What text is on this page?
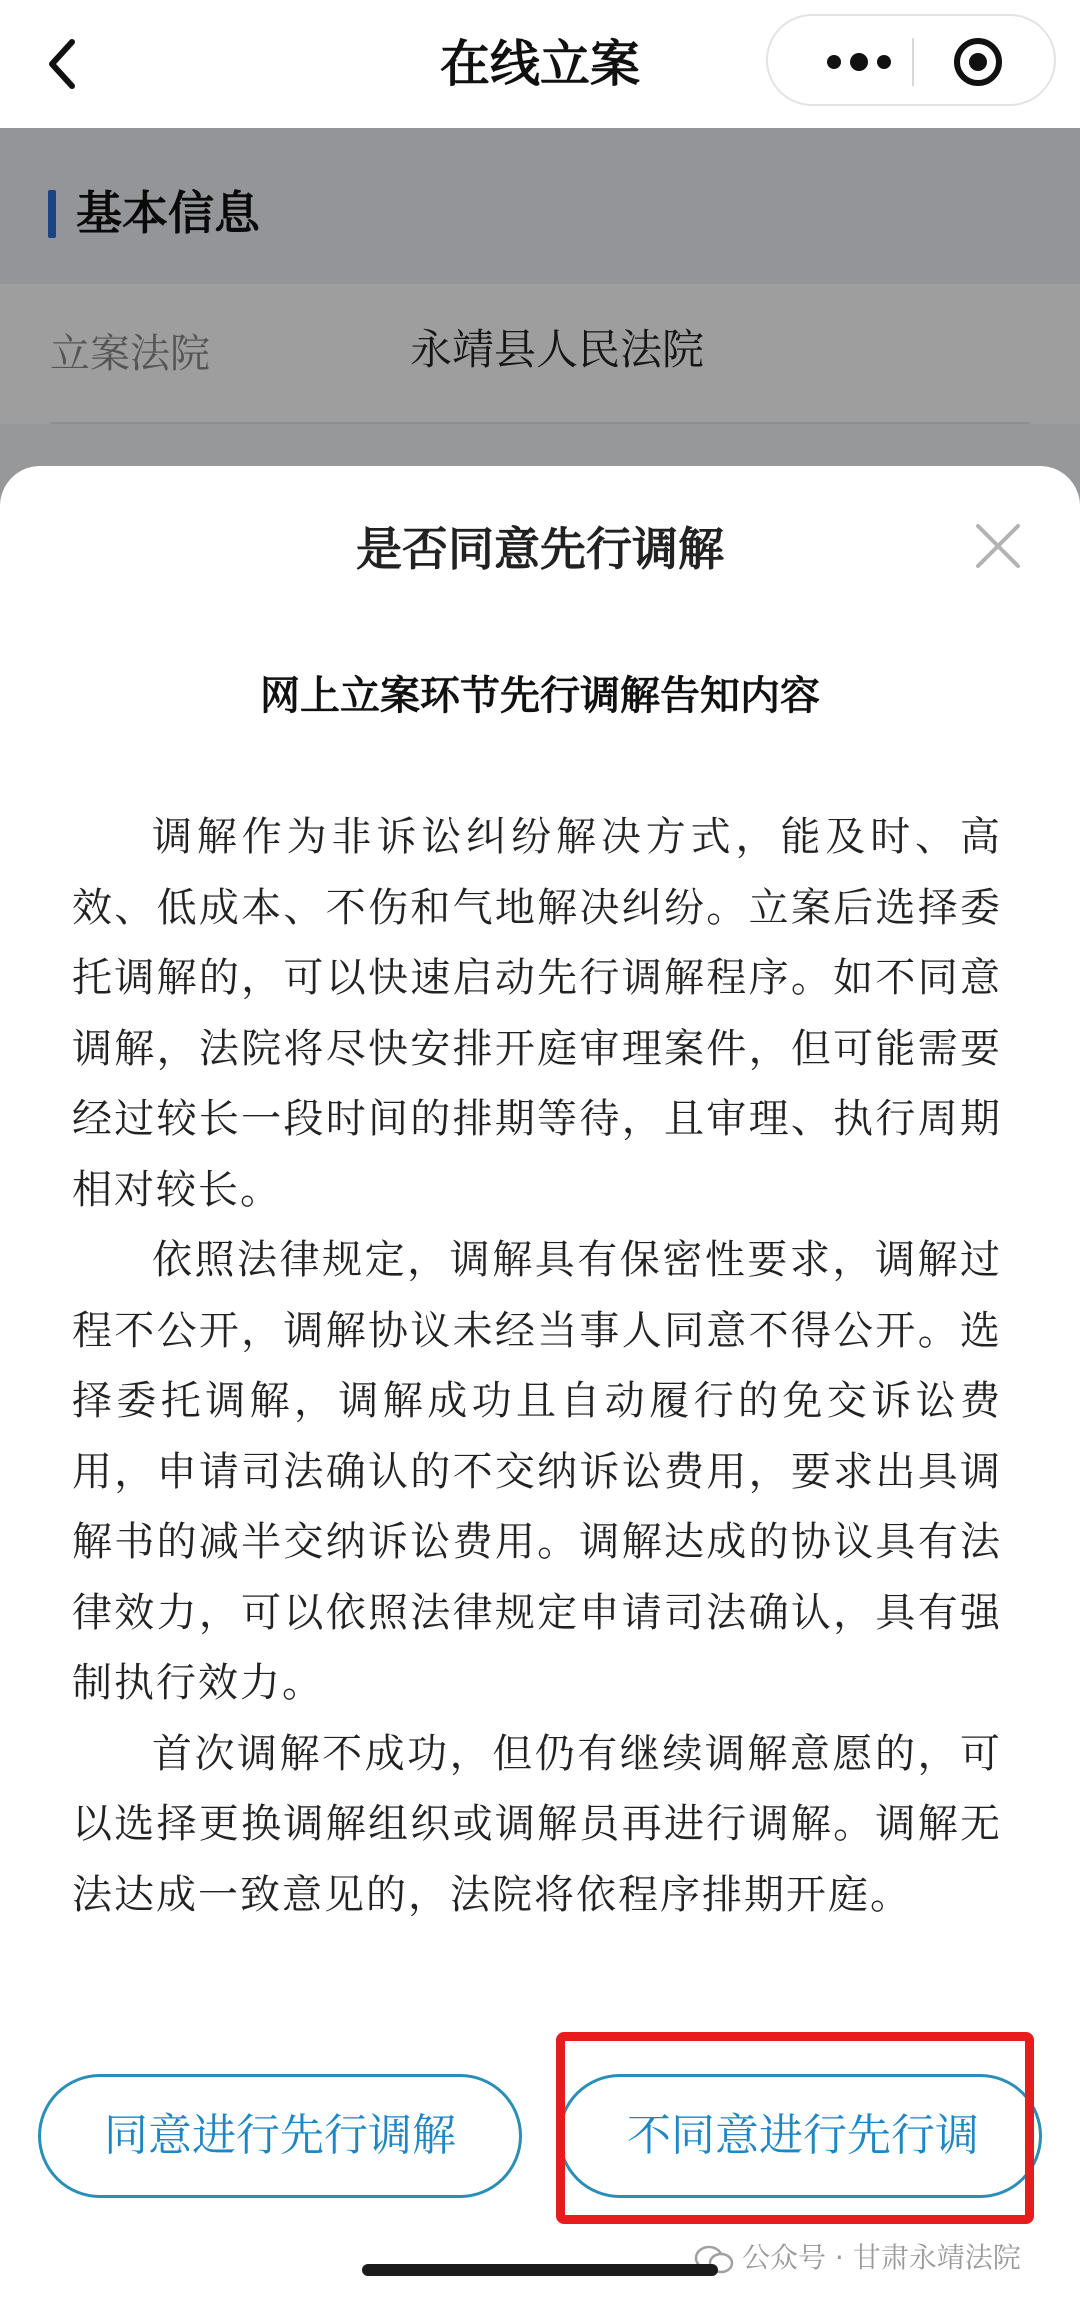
在线立案
基本信息
立案法院	永靖县人民法院
是否同意先行调解
网上立案环节先行调解告知内容

调解作为非诉讼纠纷解决方式，能及时、高效、低成本、不伤和气地解决纠纷。立案后选择委托调解的，可以快速启动先行调解程序。如不同意调解，法院将尽快安排开庭审理案件，但可能需要经过较长一段时间的排期等待，且审理、执行周期相对较长。

依照法律规定，调解具有保密性要求，调解过程不公开，调解协议未经当事人同意不得公开。选择委托调解，调解成功且自动履行的免交诉讼费用，申请司法确认的不交纳诉讼费用，要求出具调解书的减半交纳诉讼费用。调解达成的协议具有法律效力，可以依照法律规定申请司法确认，具有强制执行效力。

首次调解不成功，但仍有继续调解意愿的，可以选择更换调解组织或调解员再进行调解。调解无法达成一致意见的，法院将依程序排期开庭。

同意进行先行调解	不同意进行先行调
公众号 · 甘肃永靖法院
